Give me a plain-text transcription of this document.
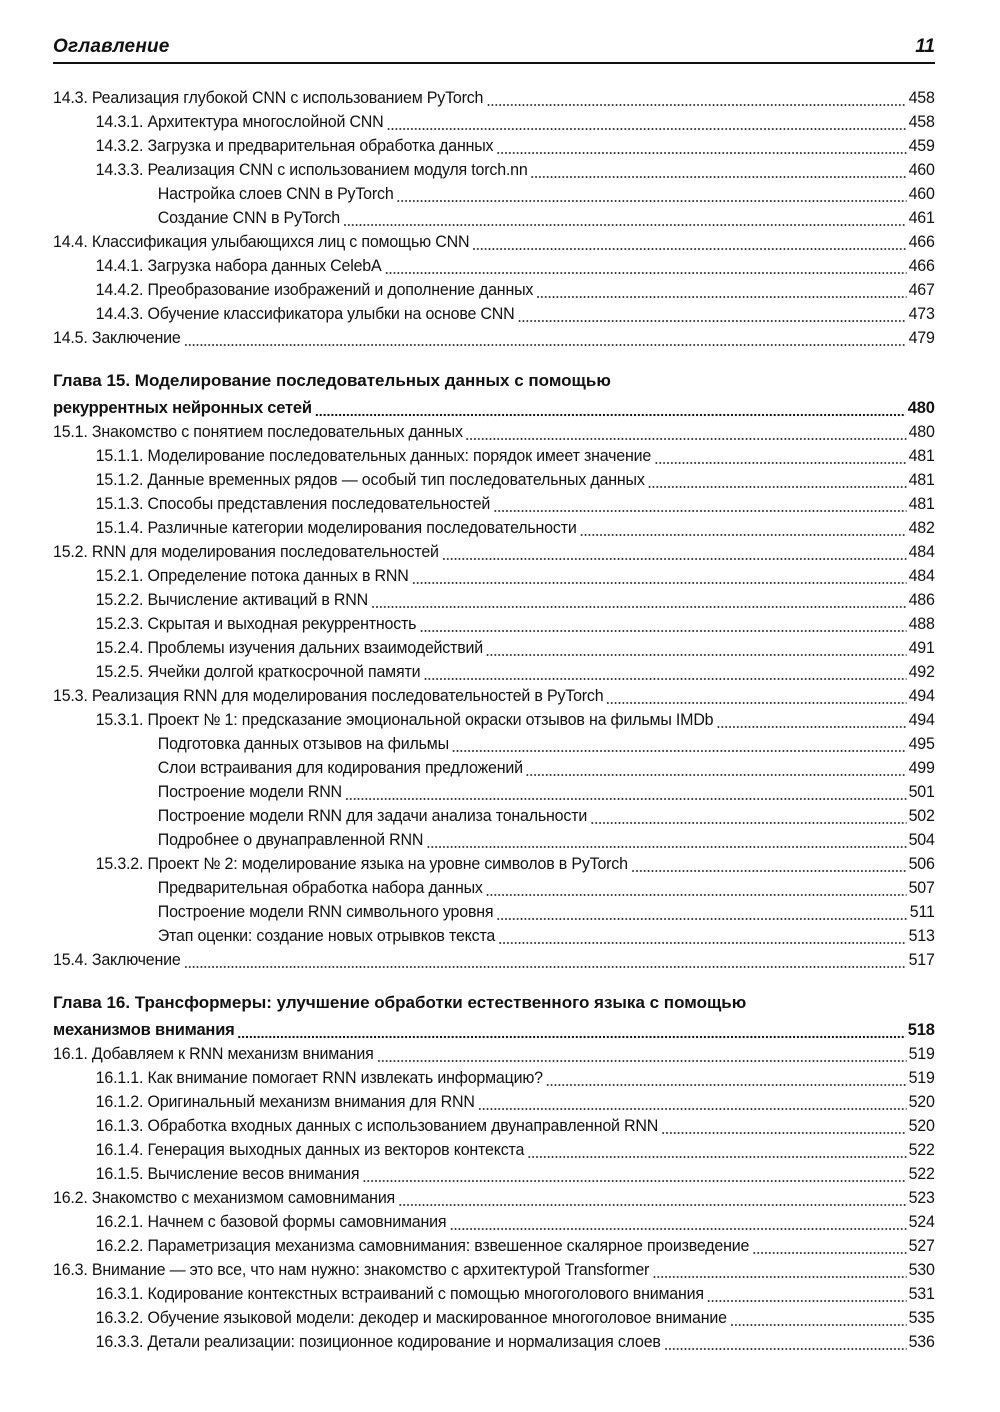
Оглавление	11
14.3. Реализация глубокой CNN с использованием PyTorch	458
14.3.1. Архитектура многослойной CNN	458
14.3.2. Загрузка и предварительная обработка данных	459
14.3.3. Реализация CNN с использованием модуля torch.nn	460
Настройка слоев CNN в PyTorch	460
Создание CNN в PyTorch	461
14.4. Классификация улыбающихся лиц с помощью CNN	466
14.4.1. Загрузка набора данных CelebA	466
14.4.2. Преобразование изображений и дополнение данных	467
14.4.3. Обучение классификатора улыбки на основе CNN	473
14.5. Заключение	479
Глава 15. Моделирование последовательных данных с помощью
рекуррентных нейронных сетей	480
15.1. Знакомство с понятием последовательных данных	480
15.1.1. Моделирование последовательных данных: порядок имеет значение	481
15.1.2. Данные временных рядов — особый тип последовательных данных	481
15.1.3. Способы представления последовательностей	481
15.1.4. Различные категории моделирования последовательности	482
15.2. RNN для моделирования последовательностей	484
15.2.1. Определение потока данных в RNN	484
15.2.2. Вычисление активаций в RNN	486
15.2.3. Скрытая и выходная рекуррентность	488
15.2.4. Проблемы изучения дальних взаимодействий	491
15.2.5. Ячейки долгой краткосрочной памяти	492
15.3. Реализация RNN для моделирования последовательностей в PyTorch	494
15.3.1. Проект № 1: предсказание эмоциональной окраски отзывов на фильмы IMDb	494
Подготовка данных отзывов на фильмы	495
Слои встраивания для кодирования предложений	499
Построение модели RNN	501
Построение модели RNN для задачи анализа тональности	502
Подробнее о двунаправленной RNN	504
15.3.2. Проект № 2: моделирование языка на уровне символов в PyTorch	506
Предварительная обработка набора данных	507
Построение модели RNN символьного уровня	511
Этап оценки: создание новых отрывков текста	513
15.4. Заключение	517
Глава 16. Трансформеры: улучшение обработки естественного языка с помощью
механизмов внимания	518
16.1. Добавляем к RNN механизм внимания	519
16.1.1. Как внимание помогает RNN извлекать информацию?	519
16.1.2. Оригинальный механизм внимания для RNN	520
16.1.3. Обработка входных данных с использованием двунаправленной RNN	520
16.1.4. Генерация выходных данных из векторов контекста	522
16.1.5. Вычисление весов внимания	522
16.2. Знакомство с механизмом самовнимания	523
16.2.1. Начнем с базовой формы самовнимания	524
16.2.2. Параметризация механизма самовнимания: взвешенное скалярное произведение	527
16.3. Внимание — это все, что нам нужно: знакомство с архитектурой Transformer	530
16.3.1. Кодирование контекстных встраиваний с помощью многоголового внимания	531
16.3.2. Обучение языковой модели: декодер и маскированное многоголовое внимание	535
16.3.3. Детали реализации: позиционное кодирование и нормализация слоев	536
